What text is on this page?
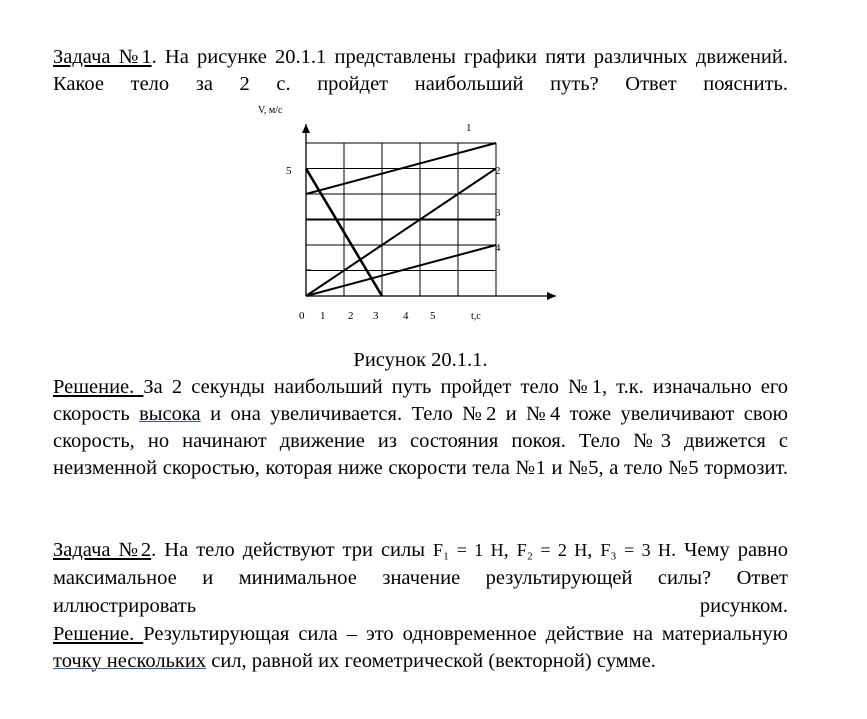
Задача №1. На рисунке 20.1.1 представлены графики пяти различных движений. Какое тело за 2 с. пройдет наибольший путь? Ответ пояснить.
V, м/с
t,c
5
1
2
3
4
0 1 2 3 4 5
Рисунок 20.1.1.
Решение. За 2 секунды наибольший путь пройдет тело №1, т.к. изначально его скорость высока и она увеличивается. Тело №2 и №4 тоже увеличивают свою скорость, но начинают движение из состояния покоя. Тело №3 движется с неизменной скоростью, которая ниже скорости тела №1 и №5, а тело №5 тормозит.
Задача №2. На тело действуют три силы F₁ = 1 Н, F₂ = 2 Н, F₃ = 3 Н. Чему равно максимальное и минимальное значение результирующей силы? Ответ иллюстрировать рисунком.
Решение. Результирующая сила – это одновременное действие на материальную точку нескольких сил, равной их геометрической (векторной) сумме.
